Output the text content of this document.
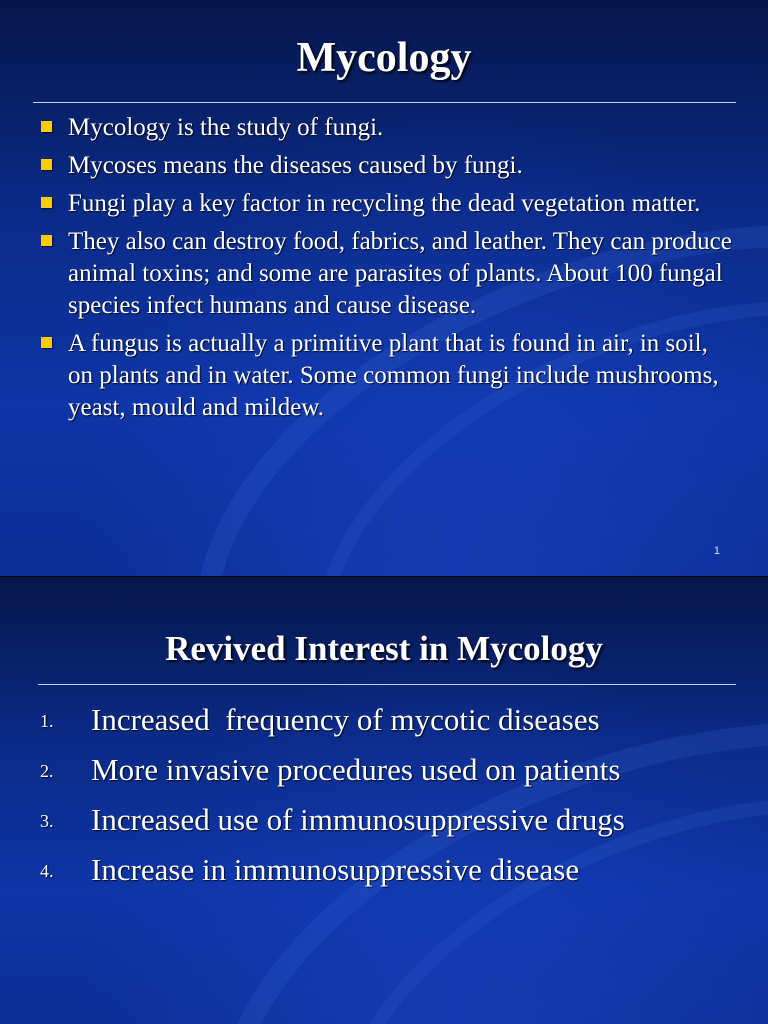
Mycology
Mycology is the study of fungi.
Mycoses means the diseases caused by fungi.
Fungi play a key factor in recycling the dead vegetation matter.
They also can destroy food, fabrics, and leather. They can produce animal toxins; and some are parasites of plants. About 100 fungal species infect humans and cause disease.
A fungus is actually a primitive plant that is found in air, in soil, on plants and in water. Some common fungi include mushrooms, yeast, mould and mildew.
1
Revived Interest in Mycology
1. Increased  frequency of mycotic diseases
2. More invasive procedures used on patients
3. Increased use of immunosuppressive drugs
4. Increase in immunosuppressive disease
